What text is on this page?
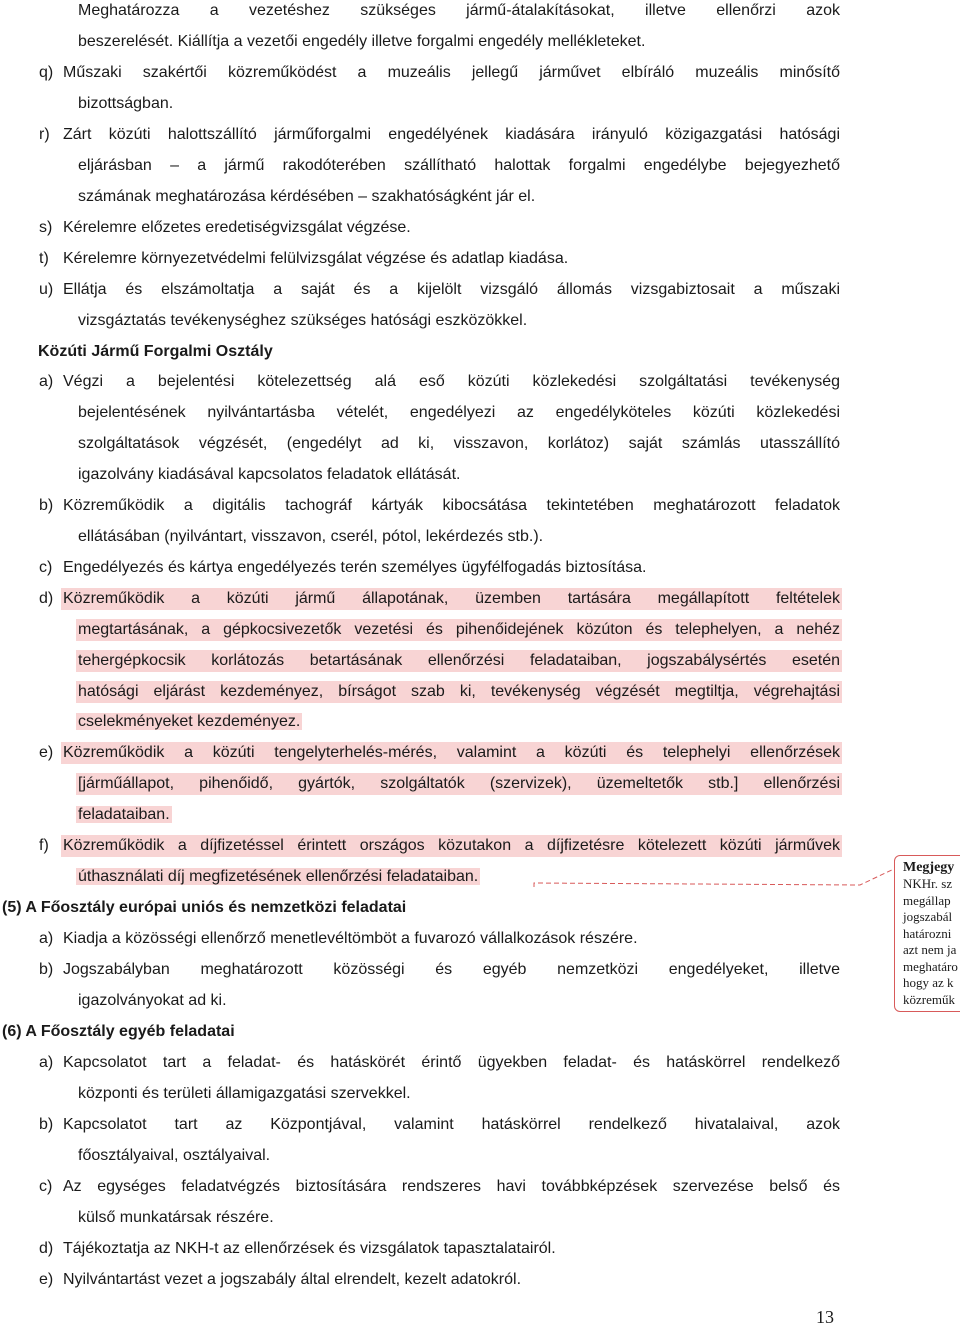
Meghatározza a vezetéshez szükséges jármű-átalakításokat, illetve ellenőrzi azok
beszerelését. Kiállítja a vezetői engedély illetve forgalmi engedély mellékleteket.
q) Műszaki szakértői közreműködést a muzeális jellegű járművet elbíráló muzeális minősítő
bizottságban.
r) Zárt közúti halottszállító járműforgalmi engedélyének kiadására irányuló közigazgatási hatósági
eljárásban – a jármű rakodóterében szállítható halottak forgalmi engedélybe bejegyezhető
számának meghatározása kérdésében – szakhatóságként jár el.
s) Kérelemre előzetes eredetiségvizsgálat végzése.
t) Kérelemre környezetvédelmi felülvizsgálat végzése és adatlap kiadása.
u) Ellátja és elszámoltatja a saját és a kijelölt vizsgáló állomás vizsgabiztosait a műszaki
vizsgáztatás tevékenységhez szükséges hatósági eszközökkel.
Közúti Jármű Forgalmi Osztály
a) Végzi a bejelentési kötelezettség alá eső közúti közlekedési szolgáltatási tevékenység
bejelentésének nyilvántartásba vételét, engedélyezi az engedélyköteles közúti közlekedési
szolgáltatások végzését, (engedélyt ad ki, visszavon, korlátoz) saját számlás utasszállító
igazolvány kiadásával kapcsolatos feladatok ellátását.
b) Közreműködik a digitális tachográf kártyák kibocsátása tekintetében meghatározott feladatok
ellátásában (nyilvántart, visszavon, cserél, pótol, lekérdezés stb.).
c) Engedélyezés és kártya engedélyezés terén személyes ügyfélfogadás biztosítása.
d) Közreműködik a közúti jármű állapotának, üzemben tartására megállapított feltételek
megtartásának, a gépkocsivezetők vezetési és pihenőidejének közúton és telephelyen, a nehéz
tehergépkocsik korlátozás betartásának ellenőrzési feladataiban, jogszabálysértés esetén
hatósági eljárást kezdeményez, bírságot szab ki, tevékenység végzését megtiltja, végrehajtási
cselekményeket kezdeményez.
e) Közreműködik a közúti tengelyterhelés-mérés, valamint a közúti és telephelyi ellenőrzések
[járműállapot, pihenőidő, gyártók, szolgáltatók (szervizek), üzemeltetők stb.] ellenőrzési
feladataiban.
f) Közreműködik a díjfizetéssel érintett országos közutakon a díjfizetésre kötelezett közúti járművek
úthasználati díj megfizetésének ellenőrzési feladataiban.
(5) A Főosztály európai uniós és nemzetközi feladatai
a) Kiadja a közösségi ellenőrző menetlevéltömböt a fuvarozó vállalkozások részére.
b) Jogszabályban meghatározott közösségi és egyéb nemzetközi engedélyeket, illetve
igazolványokat ad ki.
(6) A Főosztály egyéb feladatai
a) Kapcsolatot tart a feladat- és hatáskörét érintő ügyekben feladat- és hatáskörrel rendelkező
központi és területi államigazgatási szervekkel.
b) Kapcsolatot tart az Központjával, valamint hatáskörrel rendelkező hivatalaival, azok
főosztályaival, osztályaival.
c) Az egységes feladatvégzés biztosítására rendszeres havi továbbképzések szervezése belső és
külső munkatársak részére.
d) Tájékoztatja az NKH-t az ellenőrzések és vizsgálatok tapasztalatairól.
e) Nyilvántartást vezet a jogszabály által elrendelt, kezelt adatokról.
Megjegy
NKHr. sz
megállap
jogszabál
határozni
azt nem ja
meghatáro
hogy az k
közreműk
13
